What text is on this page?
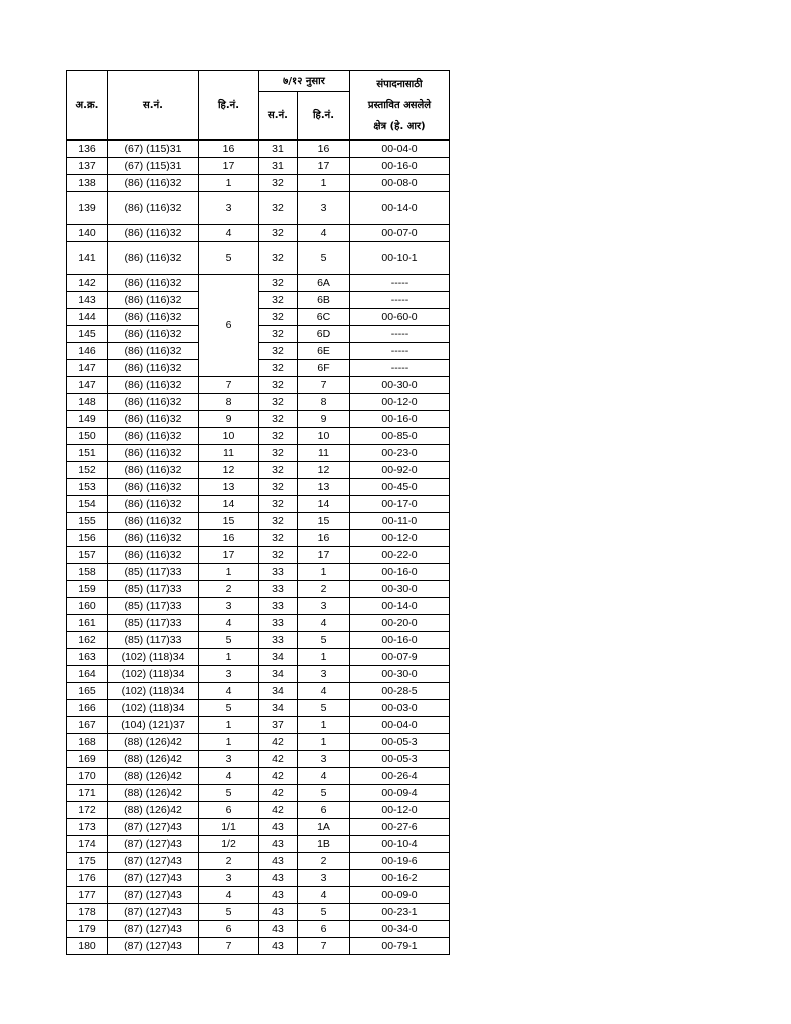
अ.क्र.	स.नं.	हि.नं.	७/१२ नुसार		संपादनासाठी
प्रस्तावित असलेले
क्षेत्र (हे. आर)

			स.नं.	हि.नं.	
136	(67) (115)31	16	31	16	00-04-0
137	(67) (115)31	17	31	17	00-16-0
138	(86) (116)32	1	32	1	00-08-0
139	(86) (116)32	3	32	3	00-14-0
140	(86) (116)32	4	32	4	00-07-0
141	(86) (116)32	5	32	5	00-10-1
142	(86) (116)32	6	32	6A	-----
143	(86) (116)32		32	6B	-----
144	(86) (116)32		32	6C	00-60-0
145	(86) (116)32		32	6D	-----
146	(86) (116)32		32	6E	-----
147	(86) (116)32		32	6F	-----
147	(86) (116)32	7	32	7	00-30-0
148	(86) (116)32	8	32	8	00-12-0
149	(86) (116)32	9	32	9	00-16-0
150	(86) (116)32	10	32	10	00-85-0
151	(86) (116)32	11	32	11	00-23-0
152	(86) (116)32	12	32	12	00-92-0
153	(86) (116)32	13	32	13	00-45-0
154	(86) (116)32	14	32	14	00-17-0
155	(86) (116)32	15	32	15	00-11-0
156	(86) (116)32	16	32	16	00-12-0
157	(86) (116)32	17	32	17	00-22-0
158	(85) (117)33	1	33	1	00-16-0
159	(85) (117)33	2	33	2	00-30-0
160	(85) (117)33	3	33	3	00-14-0
161	(85) (117)33	4	33	4	00-20-0
162	(85) (117)33	5	33	5	00-16-0
163	(102) (118)34	1	34	1	00-07-9
164	(102) (118)34	3	34	3	00-30-0
165	(102) (118)34	4	34	4	00-28-5
166	(102) (118)34	5	34	5	00-03-0
167	(104) (121)37	1	37	1	00-04-0
168	(88) (126)42	1	42	1	00-05-3
169	(88) (126)42	3	42	3	00-05-3
170	(88) (126)42	4	42	4	00-26-4
171	(88) (126)42	5	42	5	00-09-4
172	(88) (126)42	6	42	6	00-12-0
173	(87) (127)43	1/1	43	1A	00-27-6
174	(87) (127)43	1/2	43	1B	00-10-4
175	(87) (127)43	2	43	2	00-19-6
176	(87) (127)43	3	43	3	00-16-2
177	(87) (127)43	4	43	4	00-09-0
178	(87) (127)43	5	43	5	00-23-1
179	(87) (127)43	6	43	6	00-34-0
180	(87) (127)43	7	43	7	00-79-1
